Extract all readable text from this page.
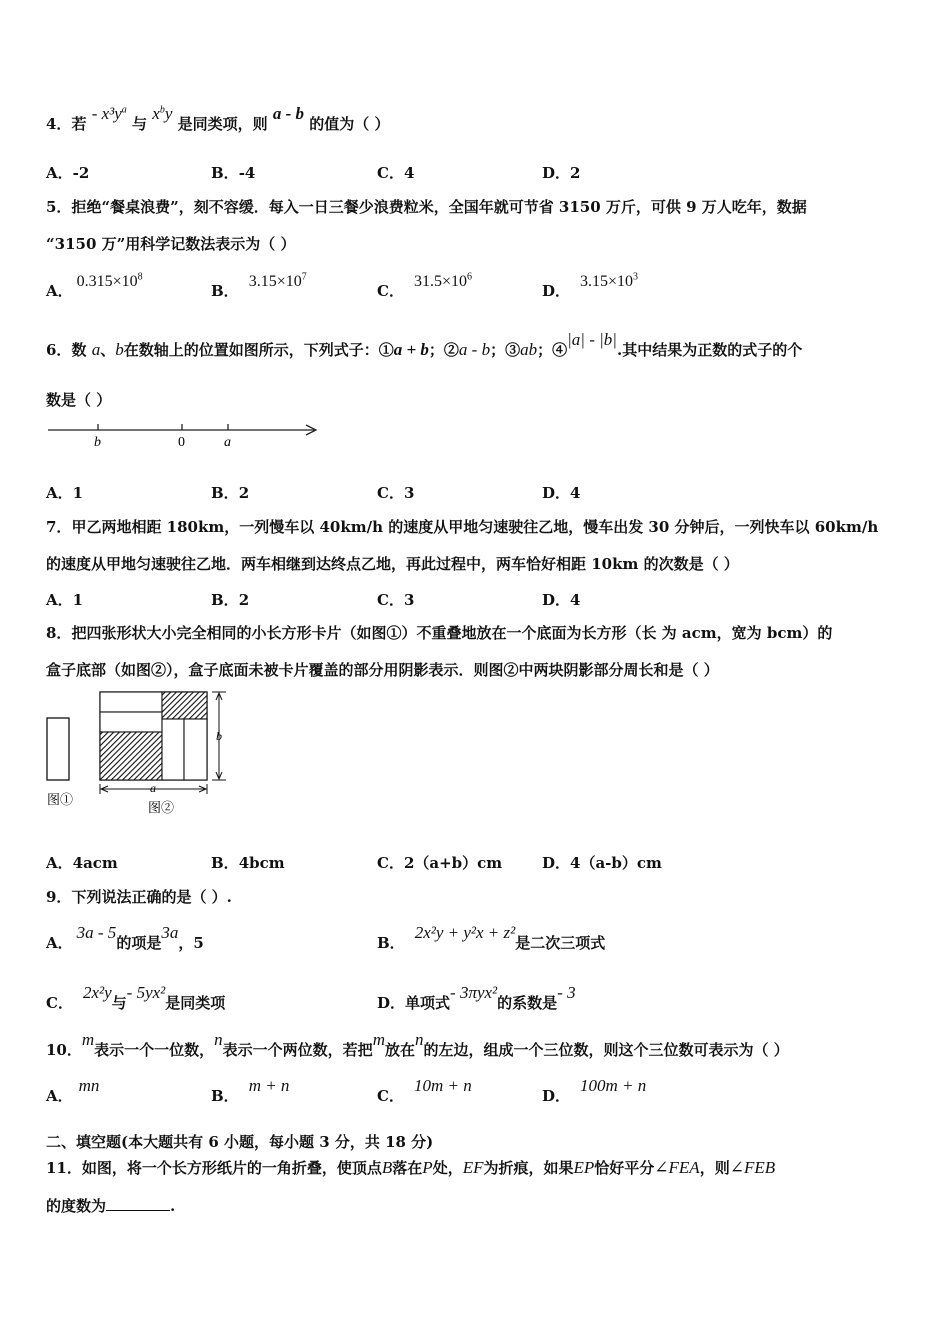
4．若 - $x^3y^a$ 与 $x^by$ 是同类项，则 a - b 的值为（ ）
A．-2	B．-4	C．4	D．2
5．拒绝“餐桌浪费”，刻不容缓．每入一日三餐少浪费粒米，全国年就可节省 3150 万斤，可供 9 万人吃年，数据
“3150 万”用科学记数法表示为（ ）
A．$0.315\times 10^8$
B．$3.15\times 10^7$
C．$31.5\times 10^6$
D．$3.15\times 10^3$
6．数 a、b在数轴上的位置如图所示，下列式子：①a + b；②a - b；③ab；④|a| - |b|.其中结果为正数的式子的个
数是（ ）
b	0	a
A．1	B．2	C．3	D．4
7．甲乙两地相距 180km，一列慢车以 40km/h 的速度从甲地匀速驶往乙地，慢车出发 30 分钟后，一列快车以 60km/h
的速度从甲地匀速驶往乙地．两车相继到达终点乙地，再此过程中，两车恰好相距 10km 的次数是（ ）
A．1	B．2	C．3	D．4
8．把四张形状大小完全相同的小长方形卡片（如图①）不重叠地放在一个底面为长方形（长 为 acm，宽为 bcm）的
盒子底部（如图②），盒子底面未被卡片覆盖的部分用阴影表示．则图②中两块阴影部分周长和是（ ）
图①
b
a
图②
A．4acm	B．4bcm	C．2（a+b）cm	D．4（a-b）cm
9．下列说法正确的是（ ）.
A．3a - 5的项是3a，5	B．2x²y + y²x + z²是二次三项式
C．2x²y与- 5yx²是同类项	D．单项式- 3πyx²的系数是- 3
10．m表示一个一位数，n表示一个两位数，若把m放在n的左边，组成一个三位数，则这个三位数可表示为（ ）
A．mn
B．m + n
C．10m + n
D．100m + n
二、填空题(本大题共有 6 小题，每小题 3 分，共 18 分)
11．如图，将一个长方形纸片的一角折叠，使顶点B落在P处，EF为折痕，如果EP恰好平分∠FEA，则∠FEB
的度数为	.
